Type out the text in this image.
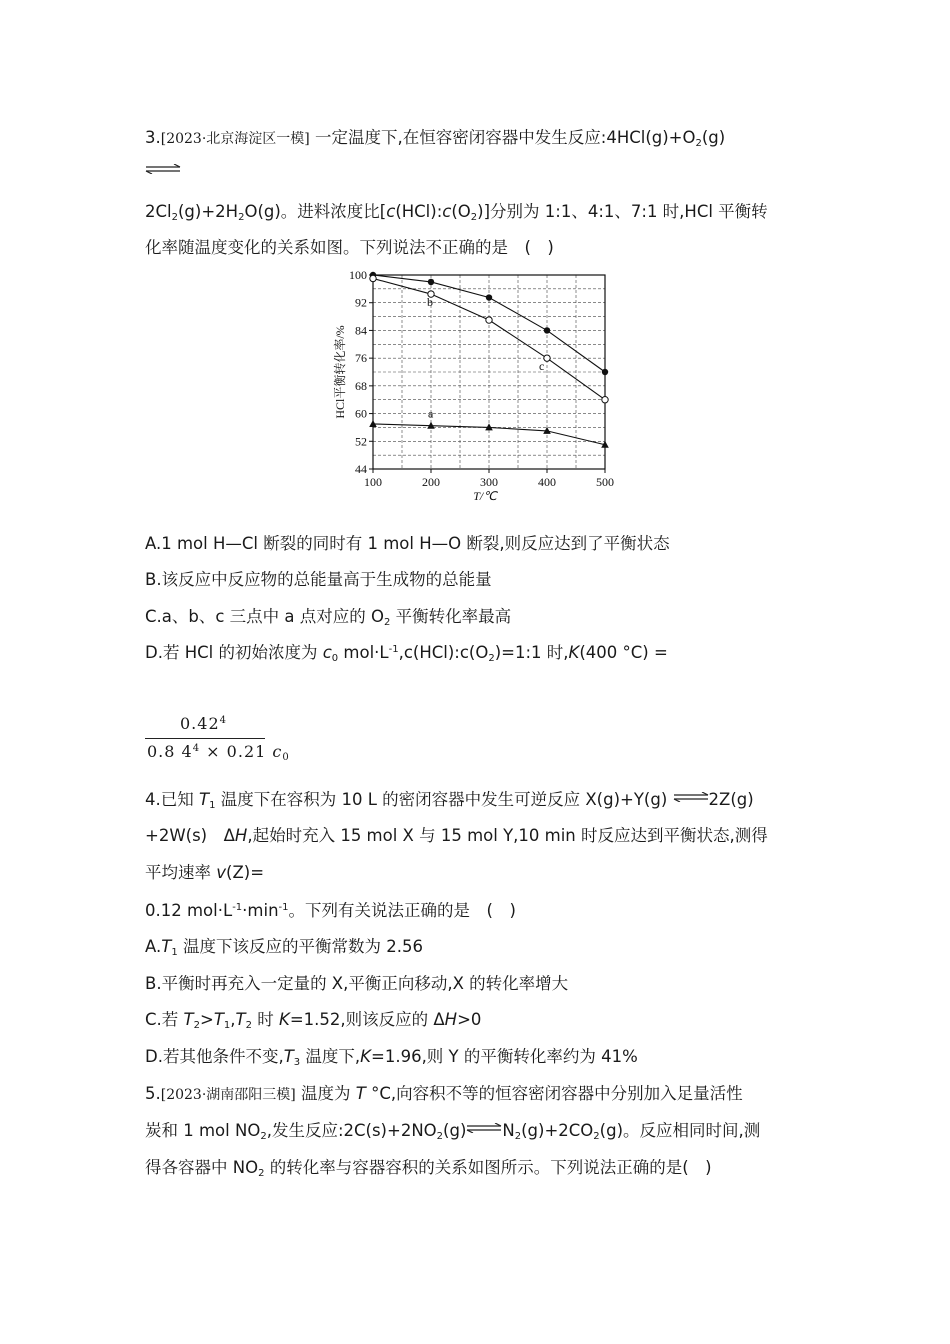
3.[2023·北京海淀区一模] 一定温度下,在恒容密闭容器中发生反应$:4HCl(g)+O_2(g)$
$2Cl_2(g)+2H_2O(g)$。进料浓度比$[c(HCl):c(O_2)]$分别为 1:1、4:1、7:1 时,HCl 平衡转
化率随温度变化的关系如图。下列说法不正确的是　(　)
100	200	300	400	500
100
92
84
76
68
60
52
44
T/℃
HCl平衡转化率/%
b
c
a
A.1 mol H—Cl 断裂的同时有 1 mol H—O 断裂,则反应达到了平衡状态
B.该反应中反应物的总能量高于生成物的总能量
C.a、b、c 三点中 a 点对应的 $O_2$ 平衡转化率最高
D.若 HCl 的初始浓度为 $c_0$ $mol\cdot L^{-1},c(HCl):c(O_2)=1:1$ 时,K(400 °C) =
$0.42^4$
0.8 $4^4 \times 0.21$ $c_0$
4.已知 $T_1$ 温度下在容积为 10 L 的密闭容器中发生可逆反应 X(g)+Y(g) ⇌2Z(g)
+2W(s)　ΔH,起始时充入 15 mol X 与 15 mol Y,10 min 时反应达到平衡状态,测得
平均速率 v(Z)=
0.12 $mol\cdot L^{-1}\cdot\min^{-1}$。下列有关说法正确的是　(　)
$A.T_1$ 温度下该反应的平衡常数为 2.56
B.平衡时再充入一定量的 X,平衡正向移动,X 的转化率增大
C.若 $T_2>T_1,T_2$ 时 K=1.52,则该反应的 ΔH>0
D.若其他条件不变$,T_3$ 温度下,K=1.96,则 Y 的平衡转化率约为 41%
5.[2023·湖南邵阳三模] 温度为 T °C,向容积不等的恒容密闭容器中分别加入足量活性
炭和 1 mol $NO_2$,发生反应$:2C(s)+2NO_2(g)\rightleftharpoons N_2(g)+2CO_2(g)$。反应相同时间,测
得各容器中 $NO_2$ 的转化率与容器容积的关系如图所示。下列说法正确的是(　)
